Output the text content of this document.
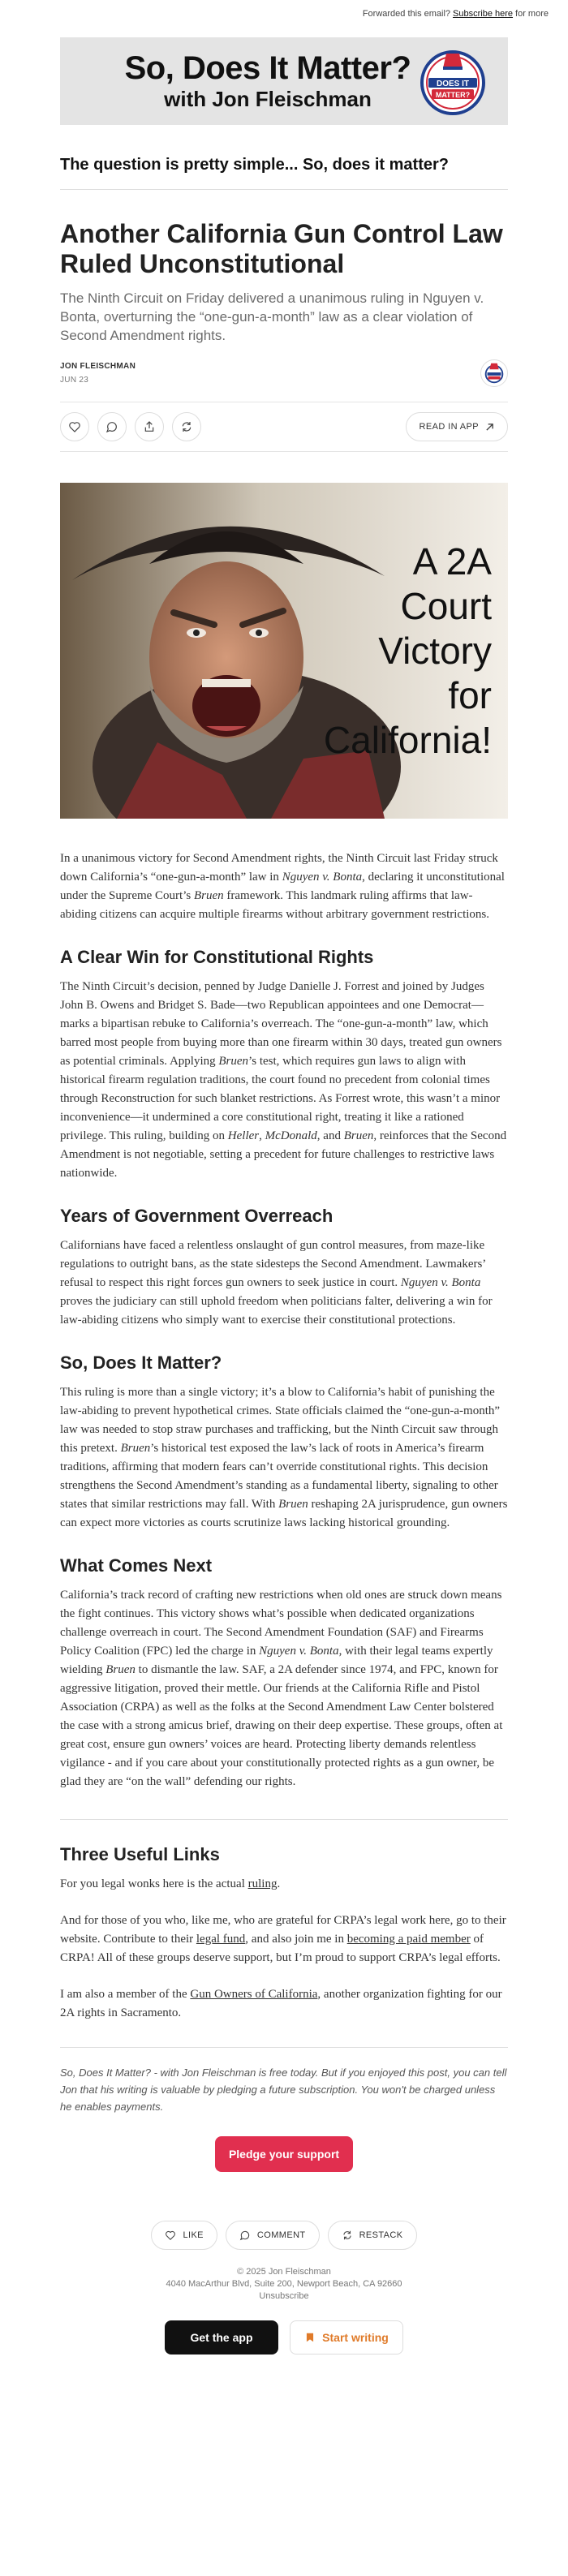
Forwarded this email? Subscribe here for more
So, Does It Matter?
with Jon Fleischman
DOES IT
MATTER?
The question is pretty simple... So, does it matter?
Another California Gun Control Law Ruled Unconstitutional

The Ninth Circuit on Friday delivered a unanimous ruling in Nguyen v. Bonta, overturning the “one-gun-a-month” law as a clear violation of Second Amendment rights.

JON FLEISCHMAN
JUN 23
READ IN APP
A 2A
Court
Victory
for
California!

In a unanimous victory for Second Amendment rights, the Ninth Circuit last Friday struck down California’s “one-gun-a-month” law in Nguyen v. Bonta, declaring it unconstitutional under the Supreme Court’s Bruen framework. This landmark ruling affirms that law-abiding citizens can acquire multiple firearms without arbitrary government restrictions.

A Clear Win for Constitutional Rights

The Ninth Circuit’s decision, penned by Judge Danielle J. Forrest and joined by Judges John B. Owens and Bridget S. Bade—two Republican appointees and one Democrat—marks a bipartisan rebuke to California’s overreach. The “one-gun-a-month” law, which barred most people from buying more than one firearm within 30 days, treated gun owners as potential criminals. Applying Bruen’s test, which requires gun laws to align with historical firearm regulation traditions, the court found no precedent from colonial times through Reconstruction for such blanket restrictions. As Forrest wrote, this wasn’t a minor inconvenience—it undermined a core constitutional right, treating it like a rationed privilege. This ruling, building on Heller, McDonald, and Bruen, reinforces that the Second Amendment is not negotiable, setting a precedent for future challenges to restrictive laws nationwide.

Years of Government Overreach

Californians have faced a relentless onslaught of gun control measures, from maze-like regulations to outright bans, as the state sidesteps the Second Amendment. Lawmakers’ refusal to respect this right forces gun owners to seek justice in court. Nguyen v. Bonta proves the judiciary can still uphold freedom when politicians falter, delivering a win for law-abiding citizens who simply want to exercise their constitutional protections.

So, Does It Matter?

This ruling is more than a single victory; it’s a blow to California’s habit of punishing the law-abiding to prevent hypothetical crimes. State officials claimed the “one-gun-a-month” law was needed to stop straw purchases and trafficking, but the Ninth Circuit saw through this pretext. Bruen’s historical test exposed the law’s lack of roots in America’s firearm traditions, affirming that modern fears can’t override constitutional rights. This decision strengthens the Second Amendment’s standing as a fundamental liberty, signaling to other states that similar restrictions may fall. With Bruen reshaping 2A jurisprudence, gun owners can expect more victories as courts scrutinize laws lacking historical grounding.

What Comes Next

California’s track record of crafting new restrictions when old ones are struck down means the fight continues. This victory shows what’s possible when dedicated organizations challenge overreach in court. The Second Amendment Foundation (SAF) and Firearms Policy Coalition (FPC) led the charge in Nguyen v. Bonta, with their legal teams expertly wielding Bruen to dismantle the law. SAF, a 2A defender since 1974, and FPC, known for aggressive litigation, proved their mettle. Our friends at the California Rifle and Pistol Association (CRPA) as well as the folks at the Second Amendment Law Center bolstered the case with a strong amicus brief, drawing on their deep expertise. These groups, often at great cost, ensure gun owners’ voices are heard. Protecting liberty demands relentless vigilance - and if you care about your constitutionally protected rights as a gun owner, be glad they are “on the wall” defending our rights.

Three Useful Links

For you legal wonks here is the actual ruling.

And for those of you who, like me, who are grateful for CRPA’s legal work here, go to their website. Contribute to their legal fund, and also join me in becoming a paid member of CRPA! All of these groups deserve support, but I’m proud to support CRPA’s legal efforts.

I am also a member of the Gun Owners of California, another organization fighting for our 2A rights in Sacramento.

So, Does It Matter? - with Jon Fleischman is free today. But if you enjoyed this post, you can tell Jon that his writing is valuable by pledging a future subscription. You won't be charged unless he enables payments.

Pledge your support
LIKE	COMMENT	RESTACK
© 2025 Jon Fleischman
4040 MacArthur Blvd, Suite 200, Newport Beach, CA 92660
Unsubscribe
Get the app	Start writing
